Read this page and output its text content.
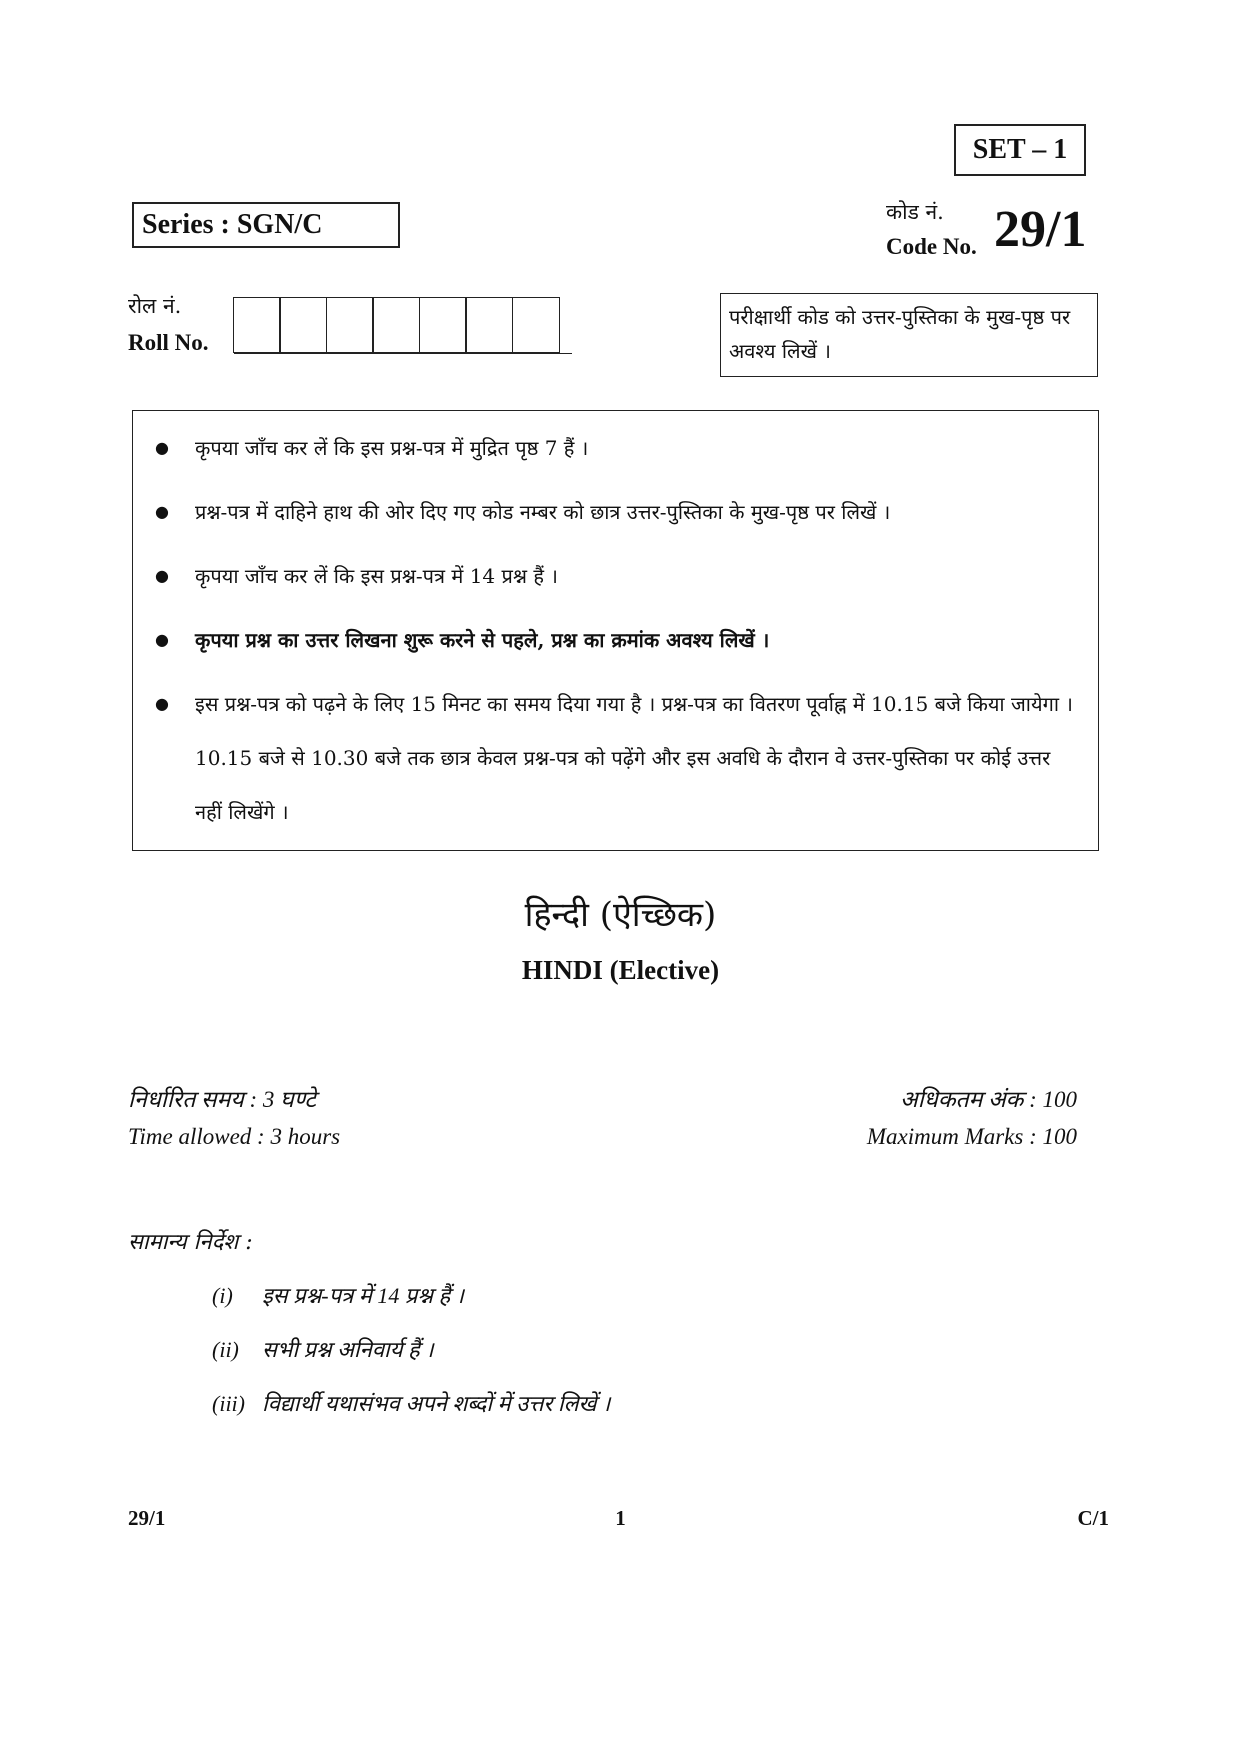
SET – 1
Series : SGN/C	कोड नं.
Code No. 29/1
रोल नं.
Roll No.
परीक्षार्थी कोड को उत्तर-पुस्तिका के मुख-पृष्ठ पर अवश्य लिखें ।
● कृपया जाँच कर लें कि इस प्रश्न-पत्र में मुद्रित पृष्ठ 7 हैं ।
● प्रश्न-पत्र में दाहिने हाथ की ओर दिए गए कोड नम्बर को छात्र उत्तर-पुस्तिका के मुख-पृष्ठ पर लिखें ।
● कृपया जाँच कर लें कि इस प्रश्न-पत्र में 14 प्रश्न हैं ।
● कृपया प्रश्न का उत्तर लिखना शुरू करने से पहले, प्रश्न का क्रमांक अवश्य लिखें ।
● इस प्रश्न-पत्र को पढ़ने के लिए 15 मिनट का समय दिया गया है । प्रश्न-पत्र का वितरण पूर्वाह्न में 10.15 बजे किया जायेगा । 10.15 बजे से 10.30 बजे तक छात्र केवल प्रश्न-पत्र को पढ़ेंगे और इस अवधि के दौरान वे उत्तर-पुस्तिका पर कोई उत्तर नहीं लिखेंगे ।
हिन्दी (ऐच्छिक)
HINDI (Elective)
निर्धारित समय : 3 घण्टे
Time allowed : 3 hours
अधिकतम अंक : 100
Maximum Marks : 100
सामान्य निर्देश :
(i) इस प्रश्न-पत्र में 14 प्रश्न हैं ।
(ii) सभी प्रश्न अनिवार्य हैं ।
(iii) विद्यार्थी यथासंभव अपने शब्दों में उत्तर लिखें ।
29/1	1	C/1
